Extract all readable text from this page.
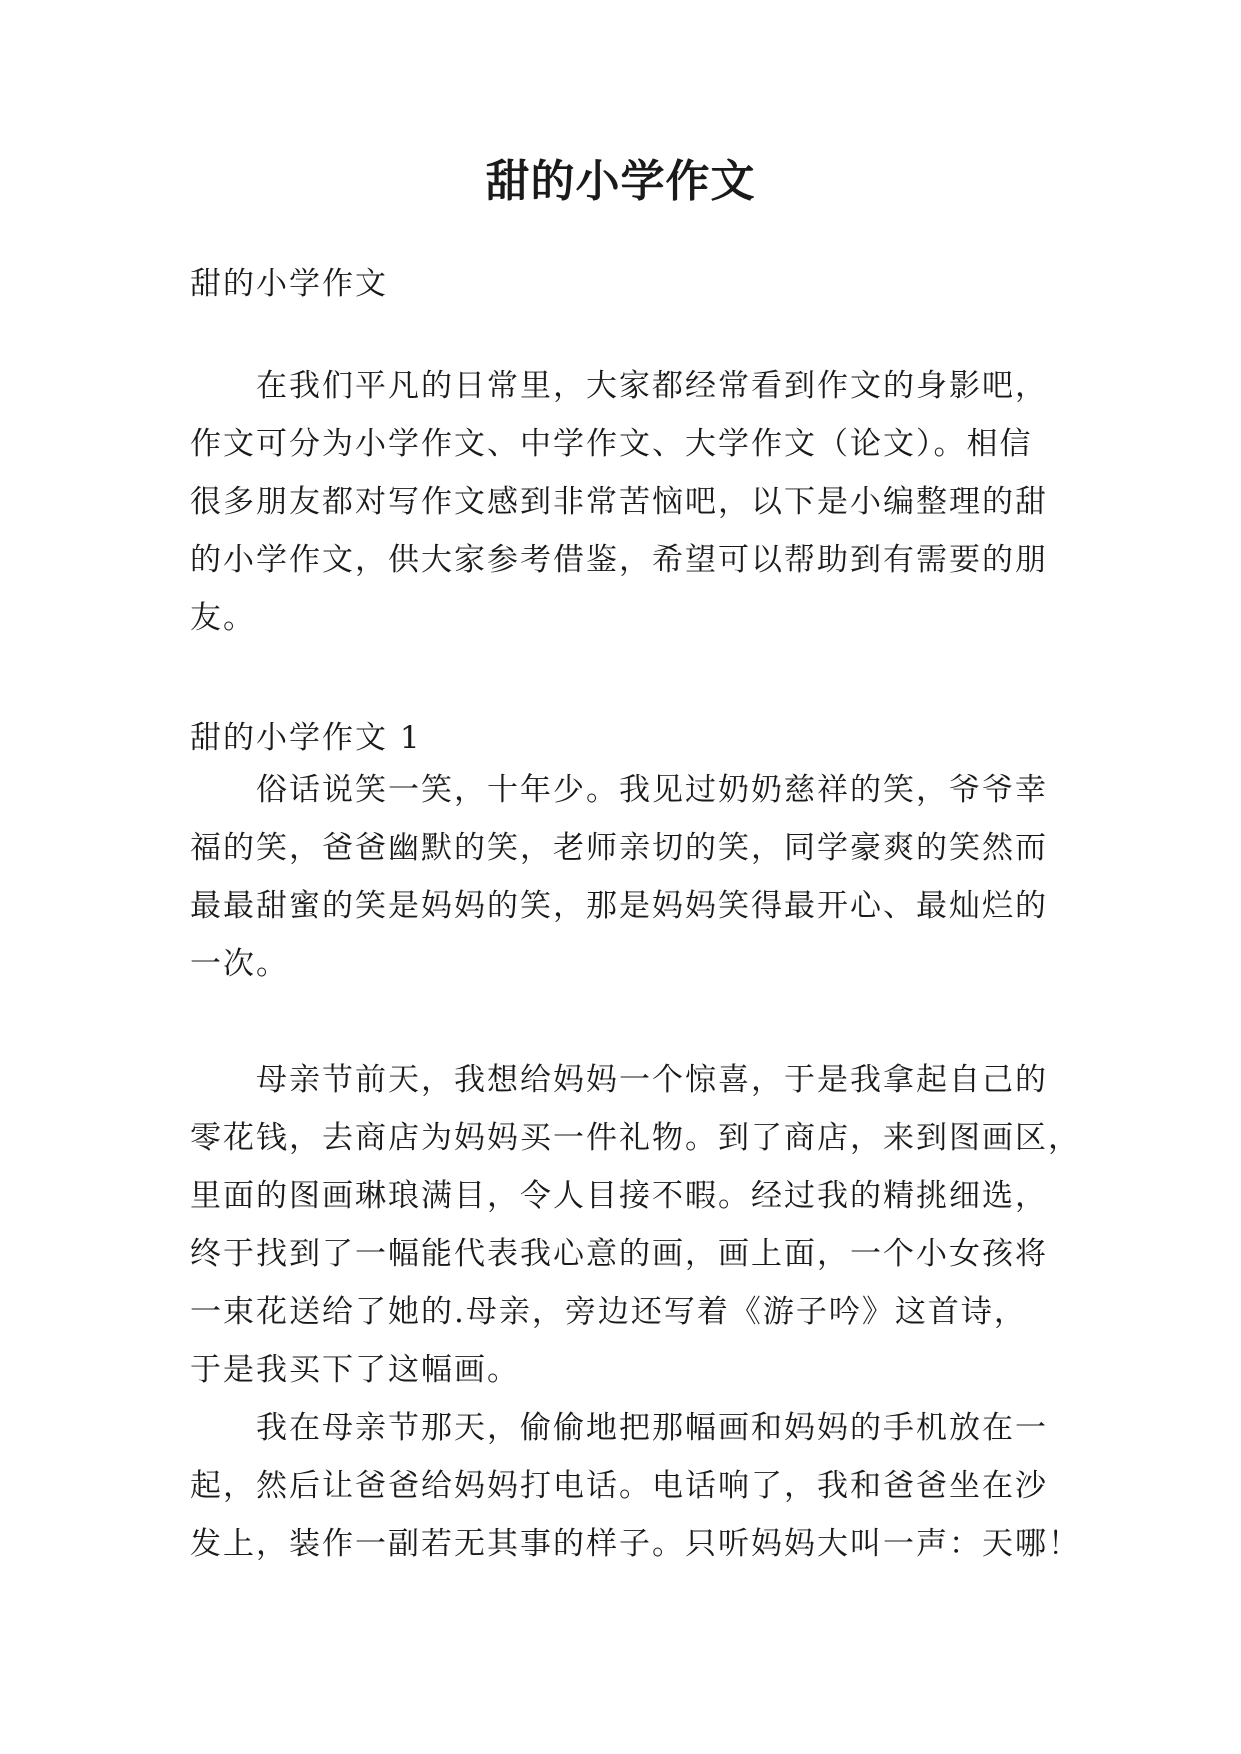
甜的小学作文

甜的小学作文

在我们平凡的日常里，大家都经常看到作文的身影吧，
作文可分为小学作文、中学作文、大学作文（论文）。相信
很多朋友都对写作文感到非常苦恼吧，以下是小编整理的甜
的小学作文，供大家参考借鉴，希望可以帮助到有需要的朋
友。

甜的小学作文 1

俗话说笑一笑，十年少。我见过奶奶慈祥的笑，爷爷幸
福的笑，爸爸幽默的笑，老师亲切的笑，同学豪爽的笑然而
最最甜蜜的笑是妈妈的笑，那是妈妈笑得最开心、最灿烂的
一次。
母亲节前天，我想给妈妈一个惊喜，于是我拿起自己的
零花钱，去商店为妈妈买一件礼物。到了商店，来到图画区，
里面的图画琳琅满目，令人目接不暇。经过我的精挑细选，
终于找到了一幅能代表我心意的画，画上面，一个小女孩将
一束花送给了她的.母亲，旁边还写着《游子吟》这首诗，
于是我买下了这幅画。
我在母亲节那天，偷偷地把那幅画和妈妈的手机放在一
起，然后让爸爸给妈妈打电话。电话响了，我和爸爸坐在沙
发上，装作一副若无其事的样子。只听妈妈大叫一声：天哪！
